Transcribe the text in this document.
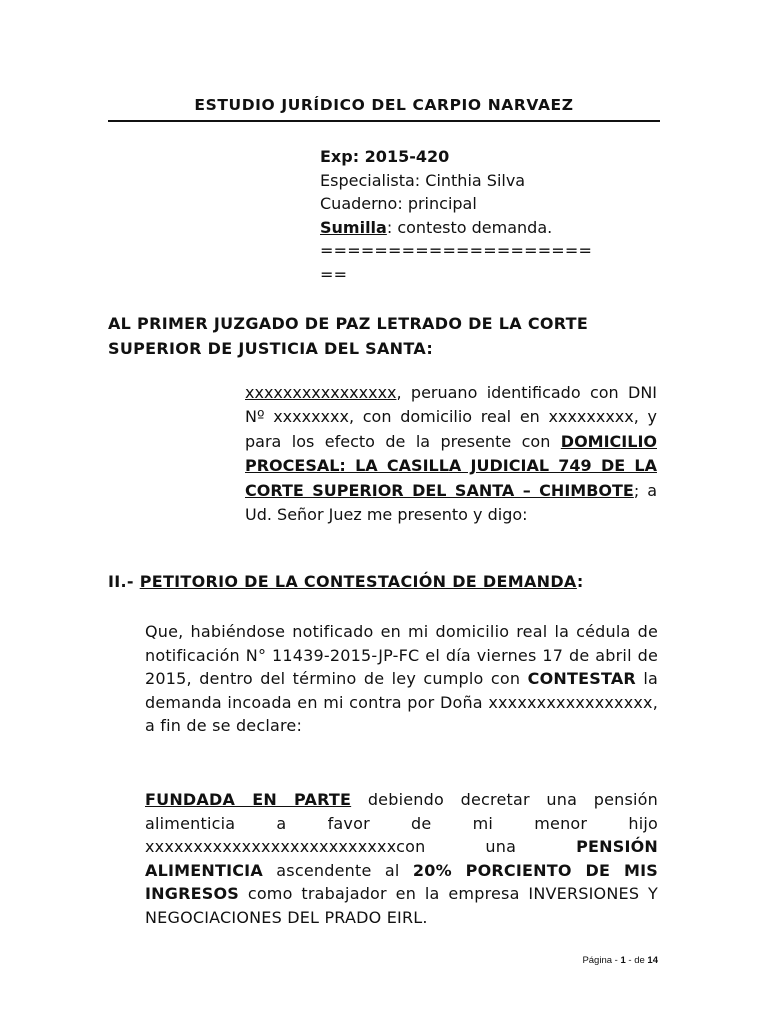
ESTUDIO JURÍDICO DEL CARPIO NARVAEZ
Exp: 2015-420
Especialista: Cinthia Silva
Cuaderno: principal
Sumilla: contesto demanda.
====================
==
AL PRIMER JUZGADO DE PAZ LETRADO DE LA CORTE
SUPERIOR DE JUSTICIA DEL SANTA:
xxxxxxxxxxxxxxxx, peruano identificado con DNI Nº xxxxxxxx, con domicilio real en xxxxxxxxx, y para los efecto de la presente con DOMICILIO PROCESAL: LA CASILLA JUDICIAL 749 DE LA CORTE SUPERIOR DEL SANTA – CHIMBOTE; a Ud. Señor Juez me presento y digo:
II.- PETITORIO DE LA CONTESTACIÓN DE DEMANDA:
Que, habiéndose notificado en mi domicilio real la cédula de notificación N° 11439-2015-JP-FC el día viernes 17 de abril de 2015, dentro del término de ley cumplo con CONTESTAR la demanda incoada en mi contra por Doña xxxxxxxxxxxxxxxxx, a fin de se declare:
FUNDADA EN PARTE debiendo decretar una pensión alimenticia a favor de mi menor hijo xxxxxxxxxxxxxxxxxxxxxxxxxxcon una PENSIÓN ALIMENTICIA ascendente al 20% PORCIENTO DE MIS INGRESOS como trabajador en la empresa INVERSIONES Y NEGOCIACIONES DEL PRADO EIRL.
Página - 1 - de 14
